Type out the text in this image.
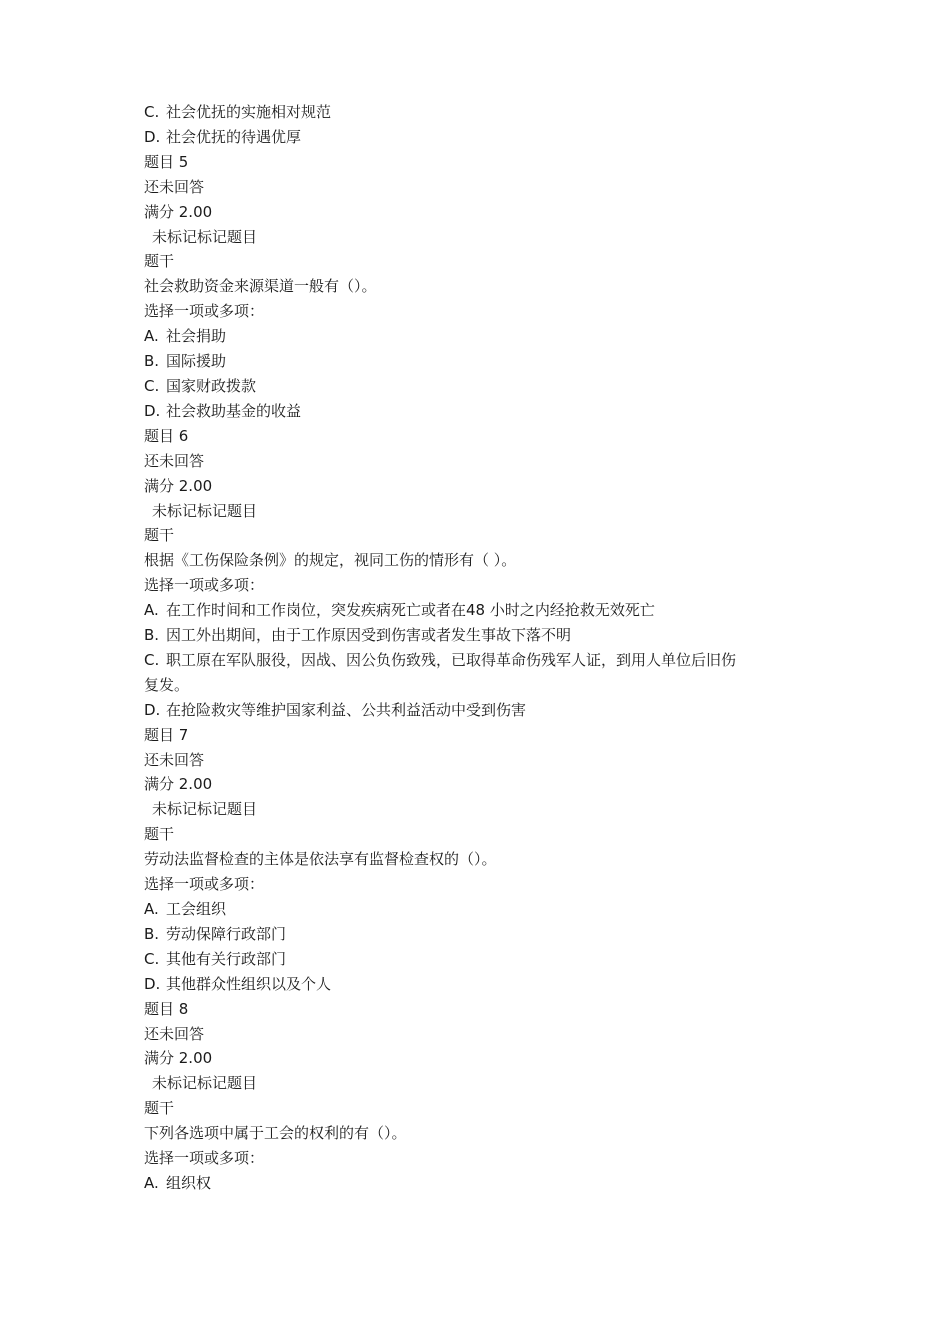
C. 社会优抚的实施相对规范
D. 社会优抚的待遇优厚
题目 5
还未回答
满分 2.00
未标记标记题目
题干
社会救助资金来源渠道一般有（）。
选择一项或多项：
A. 社会捐助
B. 国际援助
C. 国家财政拨款
D. 社会救助基金的收益
题目 6
还未回答
满分 2.00
未标记标记题目
题干
根据《工伤保险条例》的规定，视同工伤的情形有（ ）。
选择一项或多项：
A. 在工作时间和工作岗位，突发疾病死亡或者在48 小时之内经抢救无效死亡
B. 因工外出期间，由于工作原因受到伤害或者发生事故下落不明
C. 职工原在军队服役，因战、因公负伤致残，已取得革命伤残军人证，到用人单位后旧伤
复发。
D. 在抢险救灾等维护国家利益、公共利益活动中受到伤害
题目 7
还未回答
满分 2.00
未标记标记题目
题干
劳动法监督检查的主体是依法享有监督检查权的（）。
选择一项或多项：
A. 工会组织
B. 劳动保障行政部门
C. 其他有关行政部门
D. 其他群众性组织以及个人
题目 8
还未回答
满分 2.00
未标记标记题目
题干
下列各选项中属于工会的权利的有（）。
选择一项或多项：
A. 组织权
